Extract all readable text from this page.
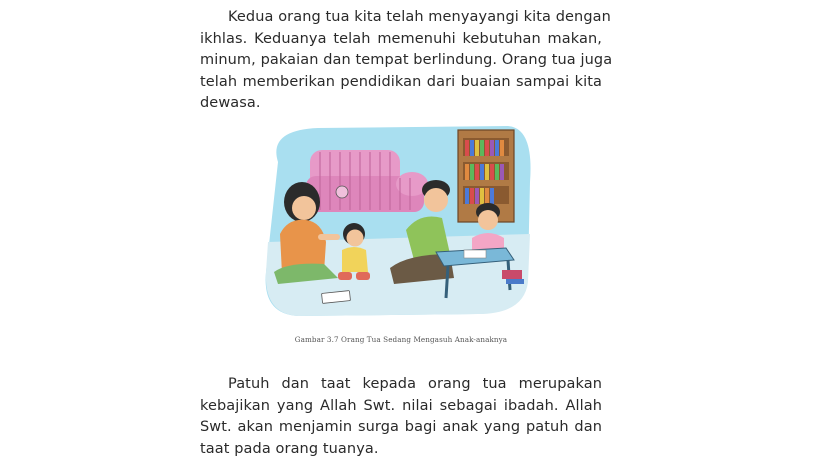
Kedua orang tua kita telah menyayangi kita dengan
ikhlas. Keduanya telah memenuhi kebutuhan makan,
minum, pakaian dan tempat berlindung. Orang tua juga
telah memberikan pendidikan dari buaian sampai kita
dewasa.

Gambar 3.7 Orang Tua Sedang Mengasuh Anak-anaknya

Patuh dan taat kepada orang tua merupakan
kebajikan yang Allah Swt. nilai sebagai ibadah. Allah
Swt. akan menjamin surga bagi anak yang patuh dan
taat pada orang tuanya.
